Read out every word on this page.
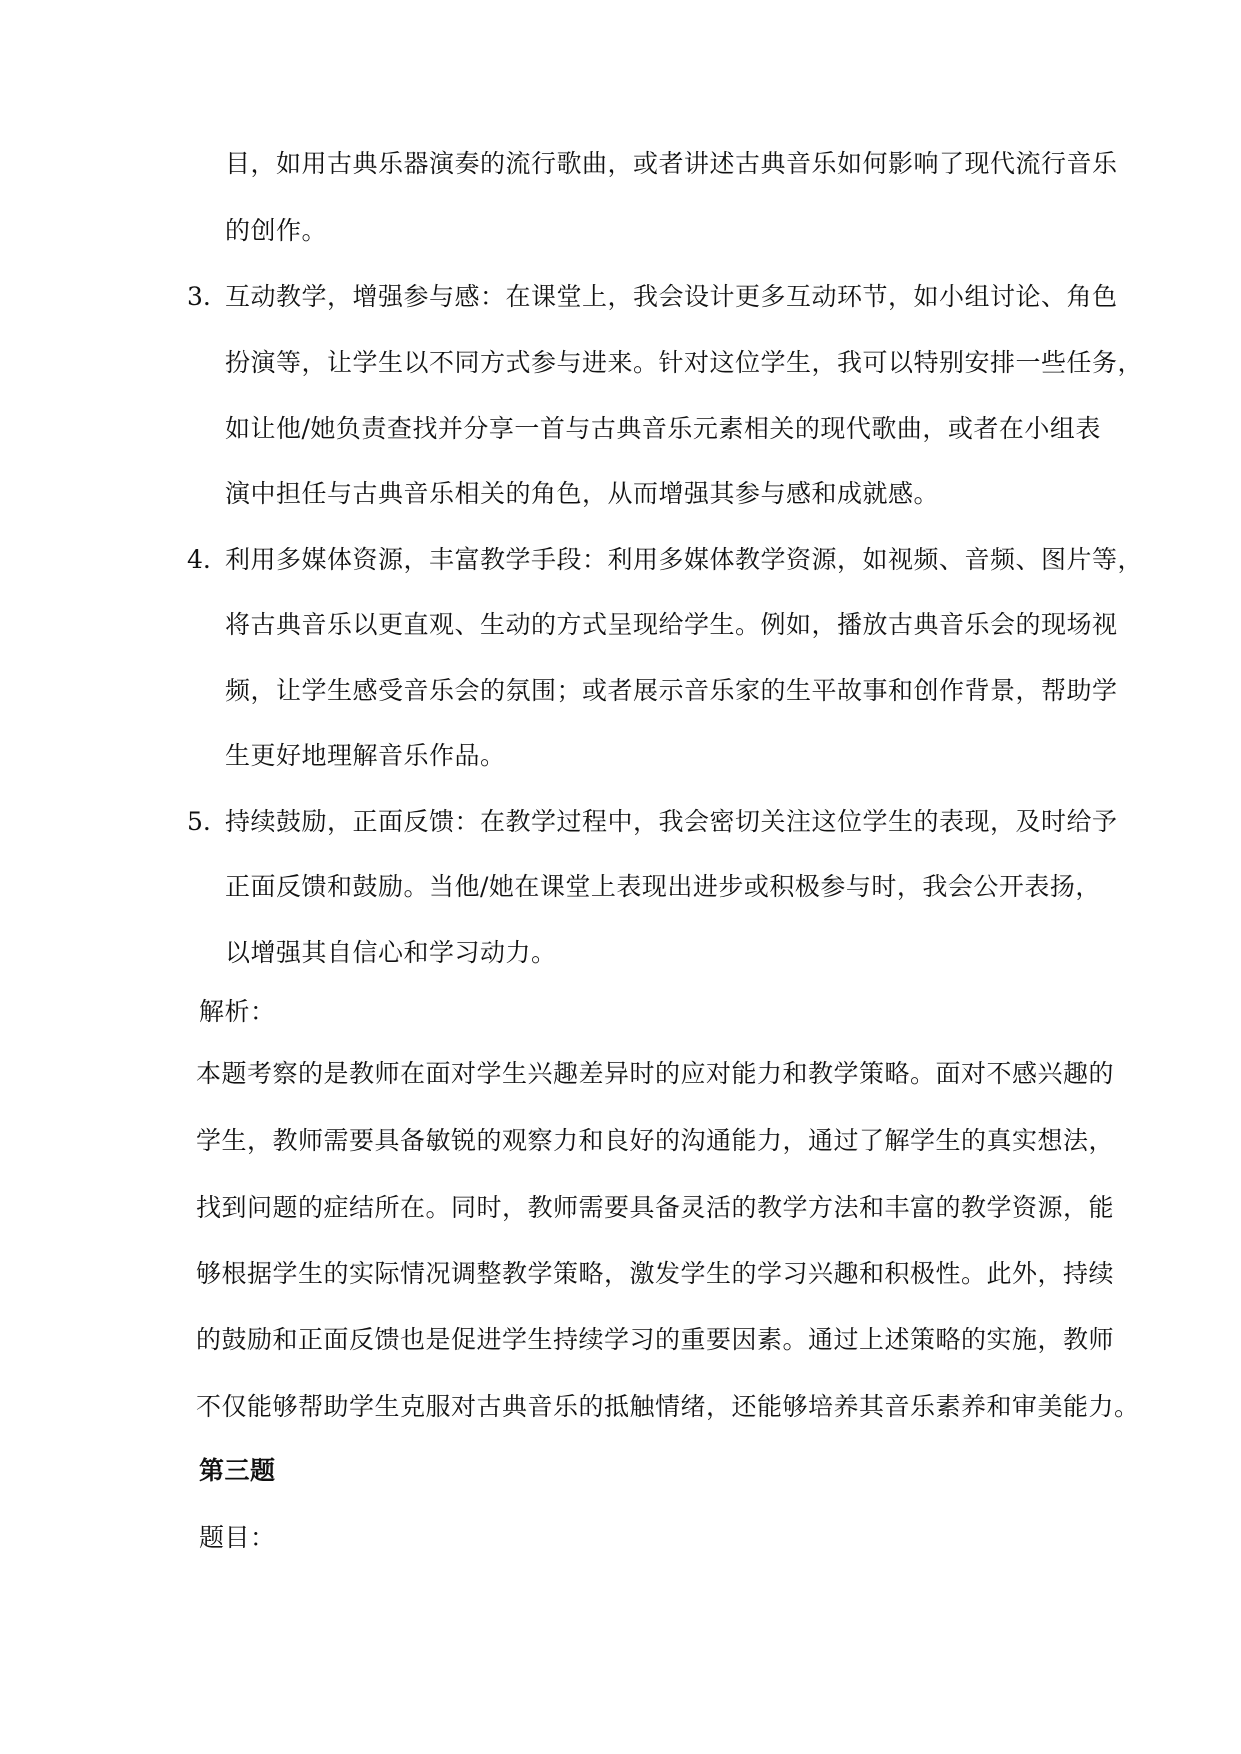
目，如用古典乐器演奏的流行歌曲，或者讲述古典音乐如何影响了现代流行音乐
的创作。
3. 互动教学，增强参与感：在课堂上，我会设计更多互动环节，如小组讨论、角色
扮演等，让学生以不同方式参与进来。针对这位学生，我可以特别安排一些任务，
如让他/她负责查找并分享一首与古典音乐元素相关的现代歌曲，或者在小组表
演中担任与古典音乐相关的角色，从而增强其参与感和成就感。
4. 利用多媒体资源，丰富教学手段：利用多媒体教学资源，如视频、音频、图片等，
将古典音乐以更直观、生动的方式呈现给学生。例如，播放古典音乐会的现场视
频，让学生感受音乐会的氛围；或者展示音乐家的生平故事和创作背景，帮助学
生更好地理解音乐作品。
5. 持续鼓励，正面反馈：在教学过程中，我会密切关注这位学生的表现，及时给予
正面反馈和鼓励。当他/她在课堂上表现出进步或积极参与时，我会公开表扬，
以增强其自信心和学习动力。
解析：
本题考察的是教师在面对学生兴趣差异时的应对能力和教学策略。面对不感兴趣的
学生，教师需要具备敏锐的观察力和良好的沟通能力，通过了解学生的真实想法，
找到问题的症结所在。同时，教师需要具备灵活的教学方法和丰富的教学资源，能
够根据学生的实际情况调整教学策略，激发学生的学习兴趣和积极性。此外，持续
的鼓励和正面反馈也是促进学生持续学习的重要因素。通过上述策略的实施，教师
不仅能够帮助学生克服对古典音乐的抵触情绪，还能够培养其音乐素养和审美能力。
第三题
题目：
